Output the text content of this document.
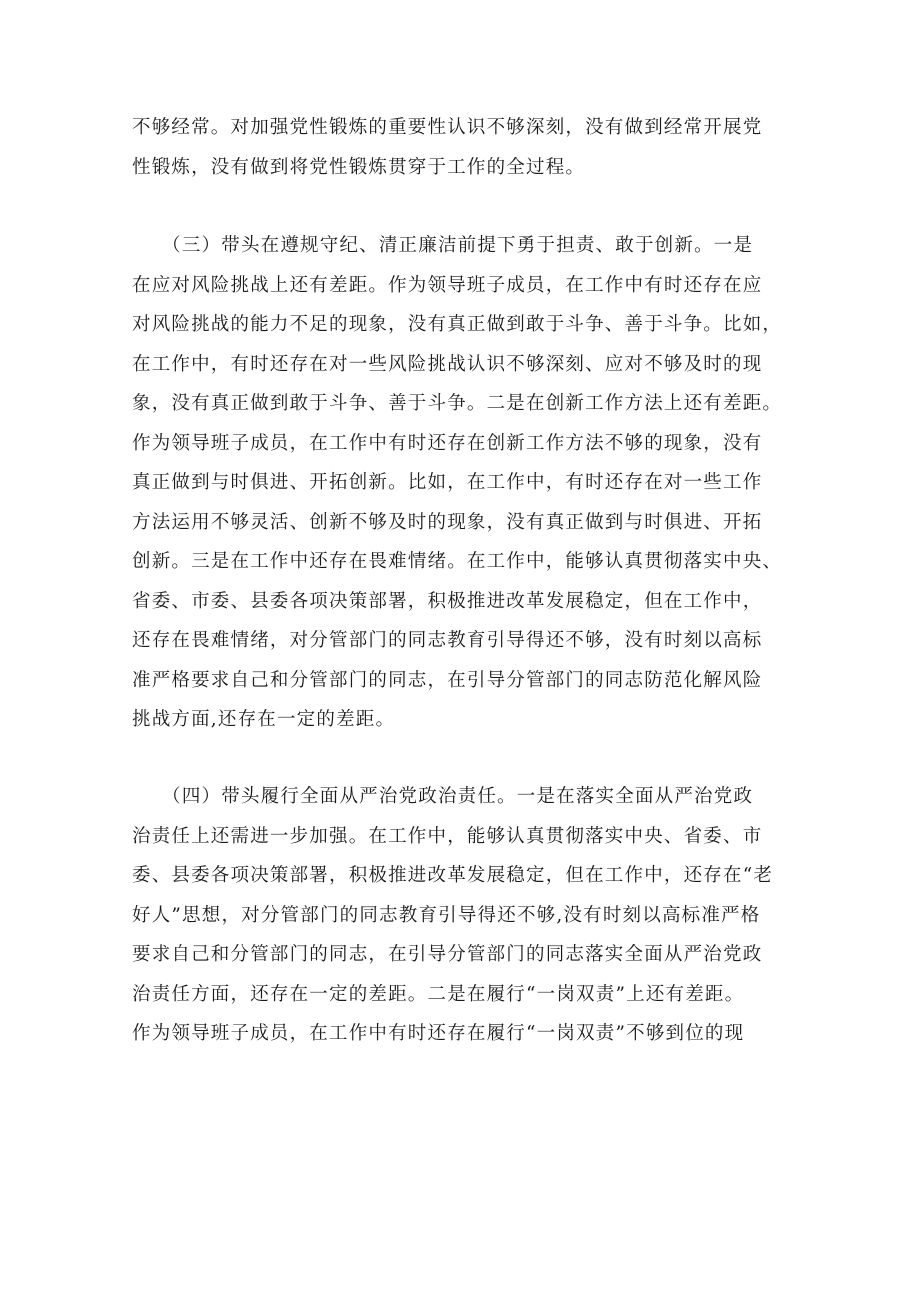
不够经常。对加强党性锻炼的重要性认识不够深刻，没有做到经常开展党
性锻炼，没有做到将党性锻炼贯穿于工作的全过程。
　　（三）带头在遵规守纪、清正廉洁前提下勇于担责、敢于创新。一是
在应对风险挑战上还有差距。作为领导班子成员，在工作中有时还存在应
对风险挑战的能力不足的现象，没有真正做到敢于斗争、善于斗争。比如，
在工作中，有时还存在对一些风险挑战认识不够深刻、应对不够及时的现
象，没有真正做到敢于斗争、善于斗争。二是在创新工作方法上还有差距。
作为领导班子成员，在工作中有时还存在创新工作方法不够的现象，没有
真正做到与时俱进、开拓创新。比如，在工作中，有时还存在对一些工作
方法运用不够灵活、创新不够及时的现象，没有真正做到与时俱进、开拓
创新。三是在工作中还存在畏难情绪。在工作中，能够认真贯彻落实中央、
省委、市委、县委各项决策部署，积极推进改革发展稳定，但在工作中，
还存在畏难情绪，对分管部门的同志教育引导得还不够，没有时刻以高标
准严格要求自己和分管部门的同志，在引导分管部门的同志防范化解风险
挑战方面,还存在一定的差距。
　　（四）带头履行全面从严治党政治责任。一是在落实全面从严治党政
治责任上还需进一步加强。在工作中，能够认真贯彻落实中央、省委、市
委、县委各项决策部署，积极推进改革发展稳定，但在工作中，还存在“老
好人”思想，对分管部门的同志教育引导得还不够,没有时刻以高标准严格
要求自己和分管部门的同志，在引导分管部门的同志落实全面从严治党政
治责任方面，还存在一定的差距。二是在履行“一岗双责”上还有差距。
作为领导班子成员，在工作中有时还存在履行“一岗双责”不够到位的现
